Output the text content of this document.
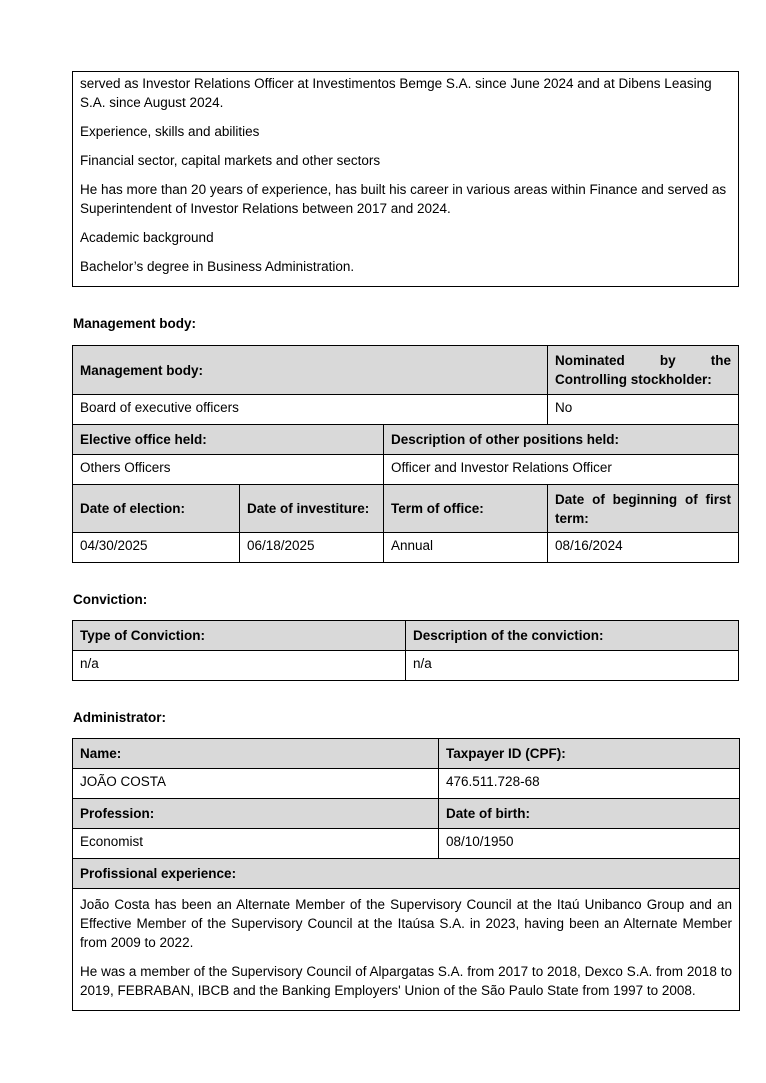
served as Investor Relations Officer at Investimentos Bemge S.A. since June 2024 and at Dibens Leasing S.A. since August 2024.

Experience, skills and abilities

Financial sector, capital markets and other sectors

He has more than 20 years of experience, has built his career in various areas within Finance and served as Superintendent of Investor Relations between 2017 and 2024.

Academic background

Bachelor’s degree in Business Administration.

Management body:
Management body:			Nominated by the Controlling stockholder:
Board of executive officers			No
Elective office held:		Description of other positions held:	
Others Officers		Officer and Investor Relations Officer	
Date of election:	Date of investiture:	Term of office:	Date of beginning of first term:
04/30/2025	06/18/2025	Annual	08/16/2024
Conviction:
Type of Conviction:	Description of the conviction:
n/a	n/a
Administrator:
Name:	Taxpayer ID (CPF):
JOÃO COSTA	476.511.728-68
Profession:	Date of birth:
Economist	08/10/1950
Profissional experience:	

João Costa has been an Alternate Member of the Supervisory Council at the Itaú Unibanco Group and an Effective Member of the Supervisory Council at the Itaúsa S.A. in 2023, having been an Alternate Member from 2009 to 2022.

He was a member of the Supervisory Council of Alpargatas S.A. from 2017 to 2018, Dexco S.A. from 2018 to 2019, FEBRABAN, IBCB and the Banking Employers' Union of the São Paulo State from 1997 to 2008.	
